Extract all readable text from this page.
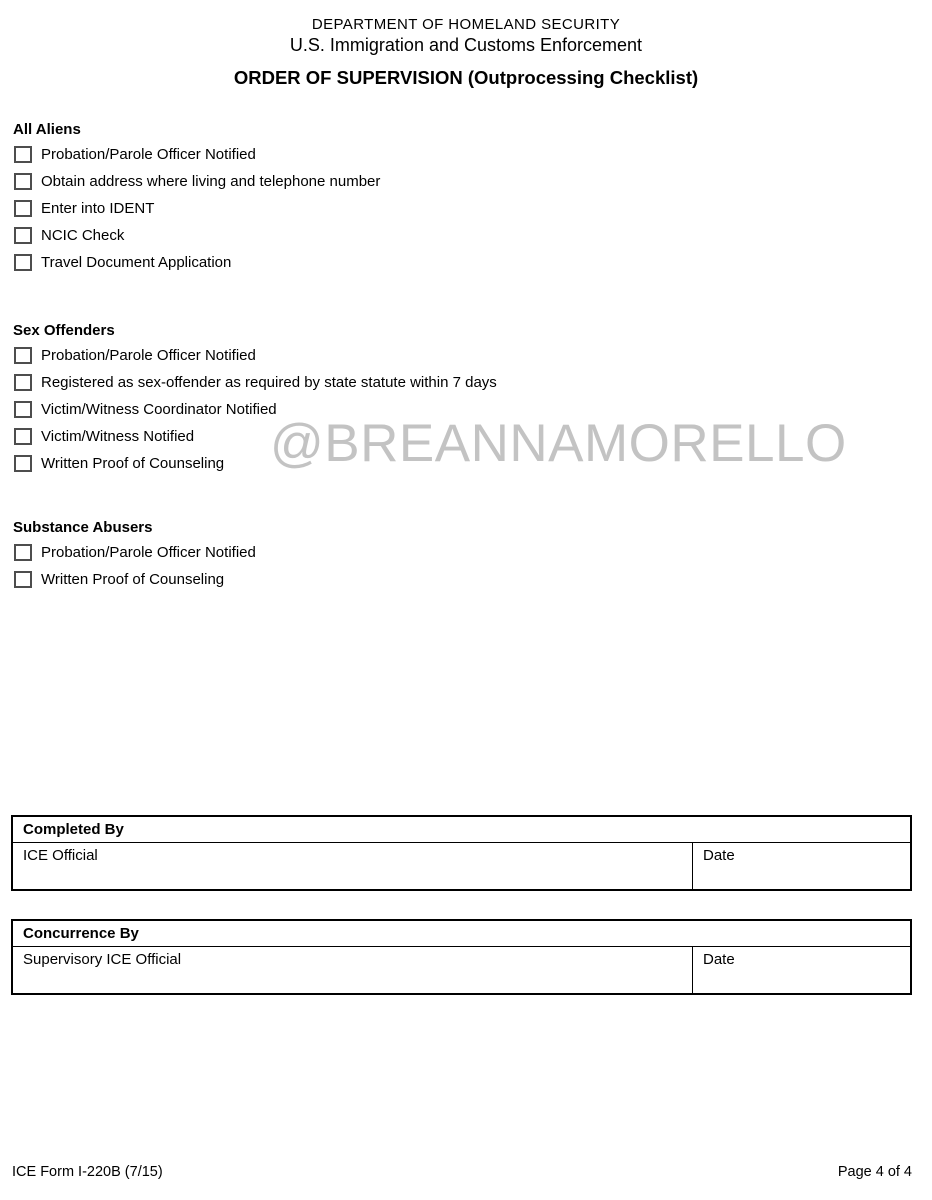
DEPARTMENT OF HOMELAND SECURITY
U.S. Immigration and Customs Enforcement
ORDER OF SUPERVISION (Outprocessing Checklist)
@BREANNAMORELLO
All Aliens
Probation/Parole Officer Notified
Obtain address where living and telephone number
Enter into IDENT
NCIC Check
Travel Document Application
Sex Offenders
Probation/Parole Officer Notified
Registered as sex-offender as required by state statute within 7 days
Victim/Witness Coordinator Notified
Victim/Witness Notified
Written Proof of Counseling
Substance Abusers
Probation/Parole Officer Notified
Written Proof of Counseling
Completed By
ICE Official	Date
Concurrence By
Supervisory ICE Official	Date
ICE Form I-220B (7/15)	Page 4 of 4
